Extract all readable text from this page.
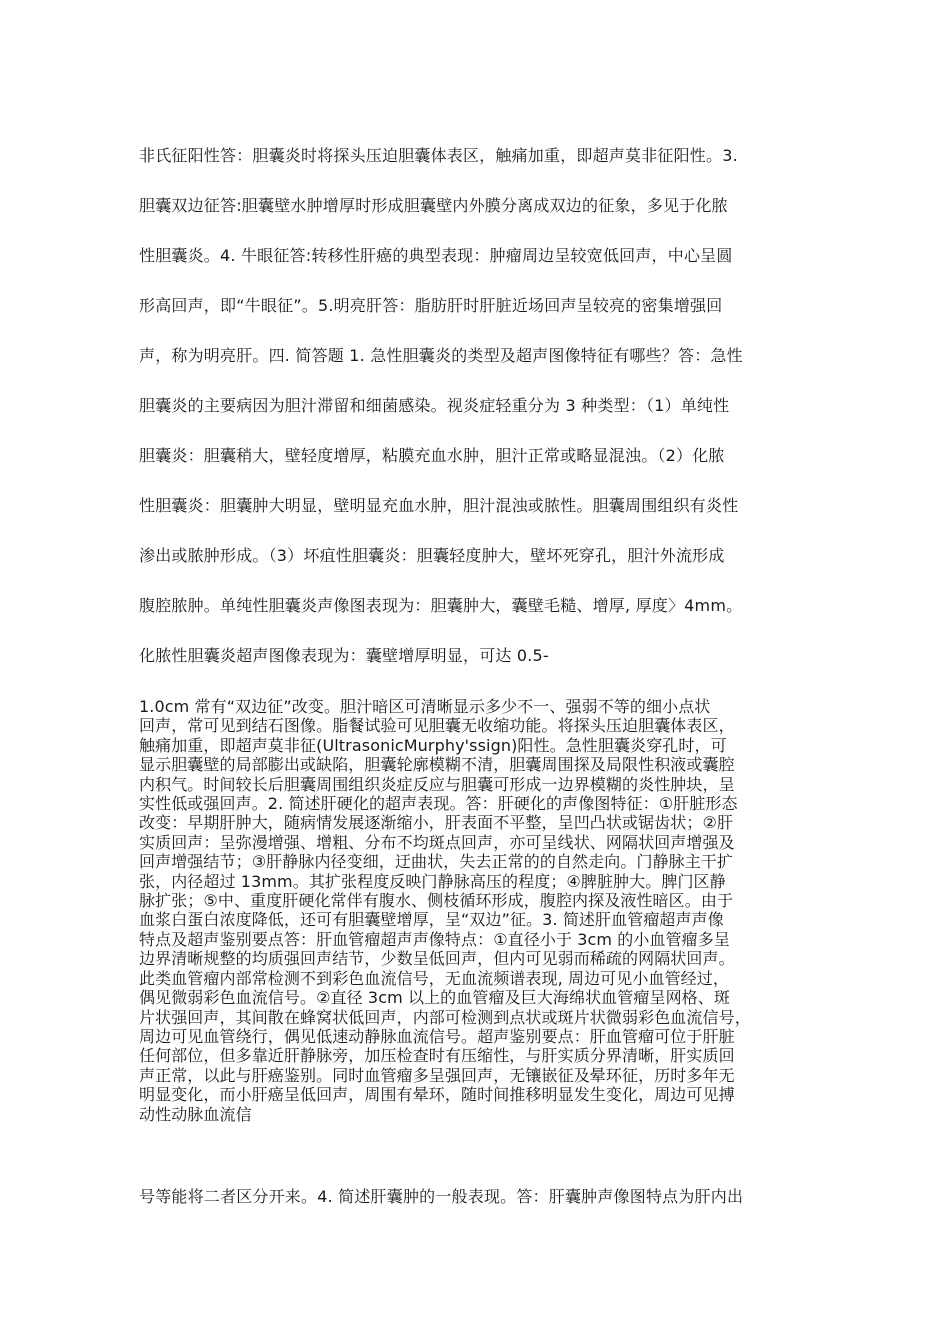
非氏征阳性答：胆囊炎时将探头压迫胆囊体表区，触痛加重，即超声莫非征阳性。3.
胆囊双边征答:胆囊壁水肿增厚时形成胆囊壁内外膜分离成双边的征象，多见于化脓
性胆囊炎。4. 牛眼征答:转移性肝癌的典型表现：肿瘤周边呈较宽低回声，中心呈圆
形高回声，即“牛眼征”。5.明亮肝答：脂肪肝时肝脏近场回声呈较亮的密集增强回
声，称为明亮肝。四. 简答题 1. 急性胆囊炎的类型及超声图像特征有哪些？答：急性
胆囊炎的主要病因为胆汁滞留和细菌感染。视炎症轻重分为 3 种类型：（1）单纯性
胆囊炎：胆囊稍大，壁轻度增厚，粘膜充血水肿，胆汁正常或略显混浊。（2）化脓
性胆囊炎：胆囊肿大明显，壁明显充血水肿，胆汁混浊或脓性。胆囊周围组织有炎性
渗出或脓肿形成。（3）坏疽性胆囊炎：胆囊轻度肿大，壁坏死穿孔，胆汁外流形成
腹腔脓肿。单纯性胆囊炎声像图表现为：胆囊肿大，囊壁毛糙、增厚, 厚度〉4mm。
化脓性胆囊炎超声图像表现为：囊壁增厚明显，可达 0.5-
1.0cm 常有“双边征”改变。胆汁暗区可清晰显示多少不一、强弱不等的细小点状
回声，常可见到结石图像。脂餐试验可见胆囊无收缩功能。将探头压迫胆囊体表区，
触痛加重，即超声莫非征(UltrasonicMurphy'ssign)阳性。急性胆囊炎穿孔时，可
显示胆囊壁的局部膨出或缺陷，胆囊轮廓模糊不清，胆囊周围探及局限性积液或囊腔
内积气。时间较长后胆囊周围组织炎症反应与胆囊可形成一边界模糊的炎性肿块，呈
实性低或强回声。2. 简述肝硬化的超声表现。答：肝硬化的声像图特征：①肝脏形态
改变：早期肝肿大，随病情发展逐渐缩小，肝表面不平整，呈凹凸状或锯齿状；②肝
实质回声：呈弥漫增强、增粗、分布不均斑点回声，亦可呈线状、网隔状回声增强及
回声增强结节；③肝静脉内径变细，迂曲状，失去正常的的自然走向。门静脉主干扩
张，内径超过 13mm。其扩张程度反映门静脉高压的程度；④脾脏肿大。脾门区静
脉扩张；⑤中、重度肝硬化常伴有腹水、侧枝循环形成，腹腔内探及液性暗区。由于
血浆白蛋白浓度降低，还可有胆囊壁增厚，呈“双边”征。3. 简述肝血管瘤超声声像
特点及超声鉴别要点答：肝血管瘤超声声像特点：①直径小于 3cm 的小血管瘤多呈
边界清晰规整的均质强回声结节，少数呈低回声，但内可见弱而稀疏的网隔状回声。
此类血管瘤内部常检测不到彩色血流信号，无血流频谱表现, 周边可见小血管经过，
偶见微弱彩色血流信号。②直径 3cm 以上的血管瘤及巨大海绵状血管瘤呈网格、斑
片状强回声，其间散在蜂窝状低回声，内部可检测到点状或斑片状微弱彩色血流信号，
周边可见血管绕行，偶见低速动静脉血流信号。超声鉴别要点：肝血管瘤可位于肝脏
任何部位，但多靠近肝静脉旁，加压检查时有压缩性，与肝实质分界清晰，肝实质回
声正常，以此与肝癌鉴别。同时血管瘤多呈强回声，无镶嵌征及晕环征，历时多年无
明显变化，而小肝癌呈低回声，周围有晕环，随时间推移明显发生变化，周边可见搏
动性动脉血流信
号等能将二者区分开来。4. 简述肝囊肿的一般表现。答：肝囊肿声像图特点为肝内出
